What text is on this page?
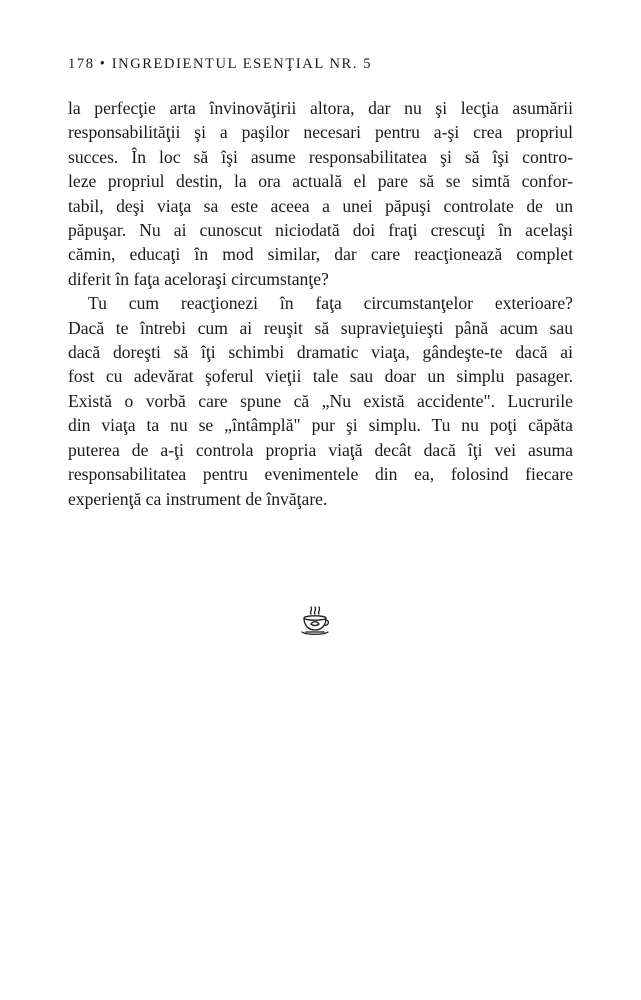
178 • INGREDIENTUL ESENŢIAL NR. 5

la perfecţie arta învinovăţirii altora, dar nu şi lecţia asumării

responsabilităţii şi a paşilor necesari pentru a-şi crea propriul

succes. În loc să îşi asume responsabilitatea şi să îşi contro-

leze propriul destin, la ora actuală el pare să se simtă confor-

tabil, deşi viaţa sa este aceea a unei păpuşi controlate de un

păpuşar. Nu ai cunoscut niciodată doi fraţi crescuţi în acelaşi

cămin, educaţi în mod similar, dar care reacţionează complet

diferit în faţa aceloraşi circumstanţe?

Tu cum reacţionezi în faţa circumstanţelor exterioare?

Dacă te întrebi cum ai reuşit să supravieţuieşti până acum sau

dacă doreşti să îţi schimbi dramatic viaţa, gândeşte-te dacă ai

fost cu adevărat şoferul vieţii tale sau doar un simplu pasager.

Există o vorbă care spune că „Nu există accidente". Lucrurile

din viaţa ta nu se „întâmplă" pur şi simplu. Tu nu poţi căpăta

puterea de a-ţi controla propria viaţă decât dacă îţi vei asuma

responsabilitatea pentru evenimentele din ea, folosind fiecare

experienţă ca instrument de învăţare.
